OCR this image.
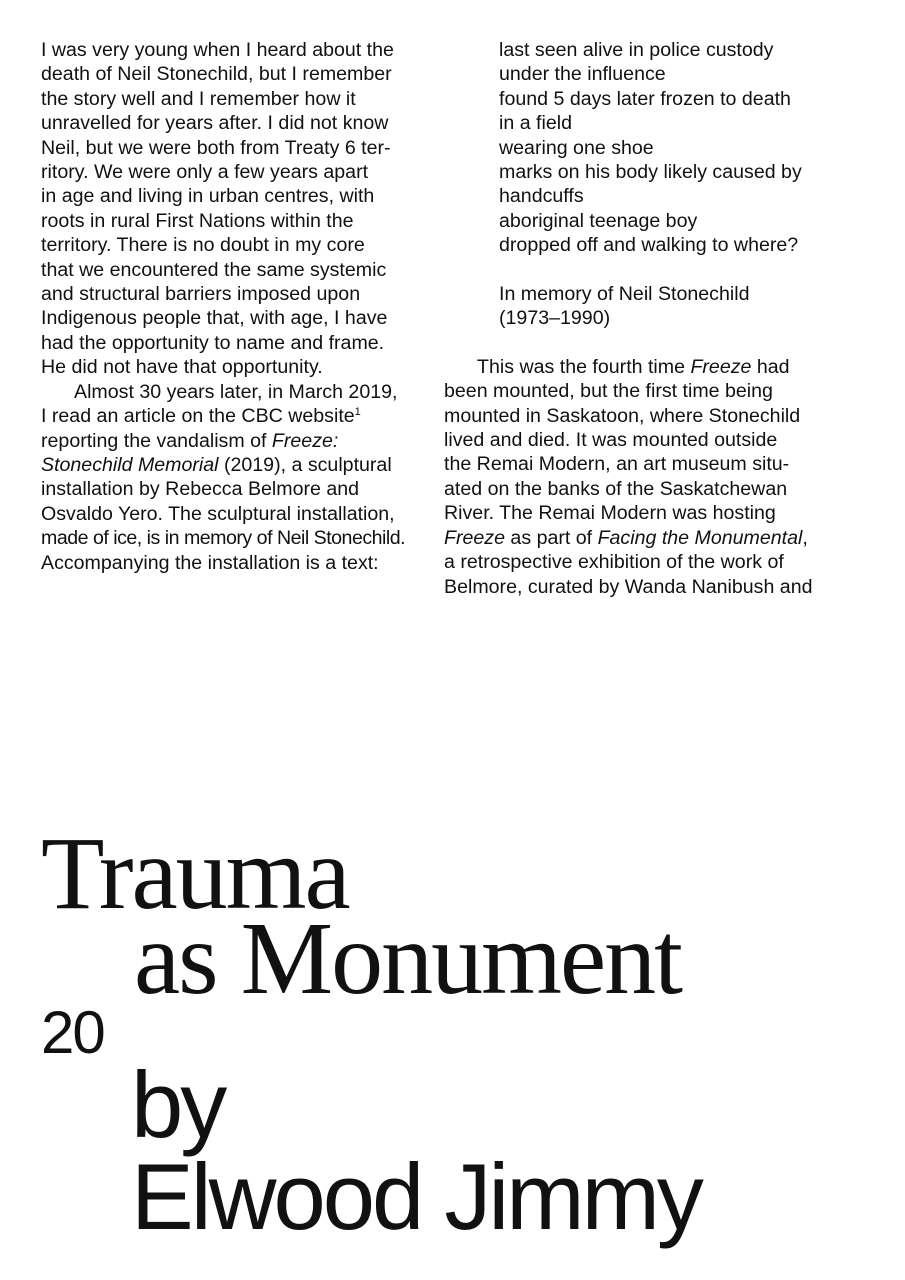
I was very young when I heard about the
death of Neil Stonechild, but I remember
the story well and I remember how it
unravelled for years after. I did not know
Neil, but we were both from Treaty 6 ter-
ritory. We were only a few years apart
in age and living in urban centres, with
roots in rural First Nations within the
territory. There is no doubt in my core
that we encountered the same systemic
and structural barriers imposed upon
Indigenous people that, with age, I have
had the opportunity to name and frame.
He did not have that opportunity.
Almost 30 years later, in March 2019,
I read an article on the CBC website$^1$
reporting the vandalism of Freeze:
Stonechild Memorial (2019), a sculptural
installation by Rebecca Belmore and
Osvaldo Yero. The sculptural installation,
made of ice, is in memory of Neil Stonechild.
Accompanying the installation is a text:
last seen alive in police custody
under the influence
found 5 days later frozen to death
in a field
wearing one shoe
marks on his body likely caused by
handcuffs
aboriginal teenage boy
dropped off and walking to where?
In memory of Neil Stonechild
(1973–1990)
This was the fourth time Freeze had
been mounted, but the first time being
mounted in Saskatoon, where Stonechild
lived and died. It was mounted outside
the Remai Modern, an art museum situ-
ated on the banks of the Saskatchewan
River. The Remai Modern was hosting
Freeze as part of Facing the Monumental,
a retrospective exhibition of the work of
Belmore, curated by Wanda Nanibush and
Trauma
as Monument
20
by
Elwood Jimmy
